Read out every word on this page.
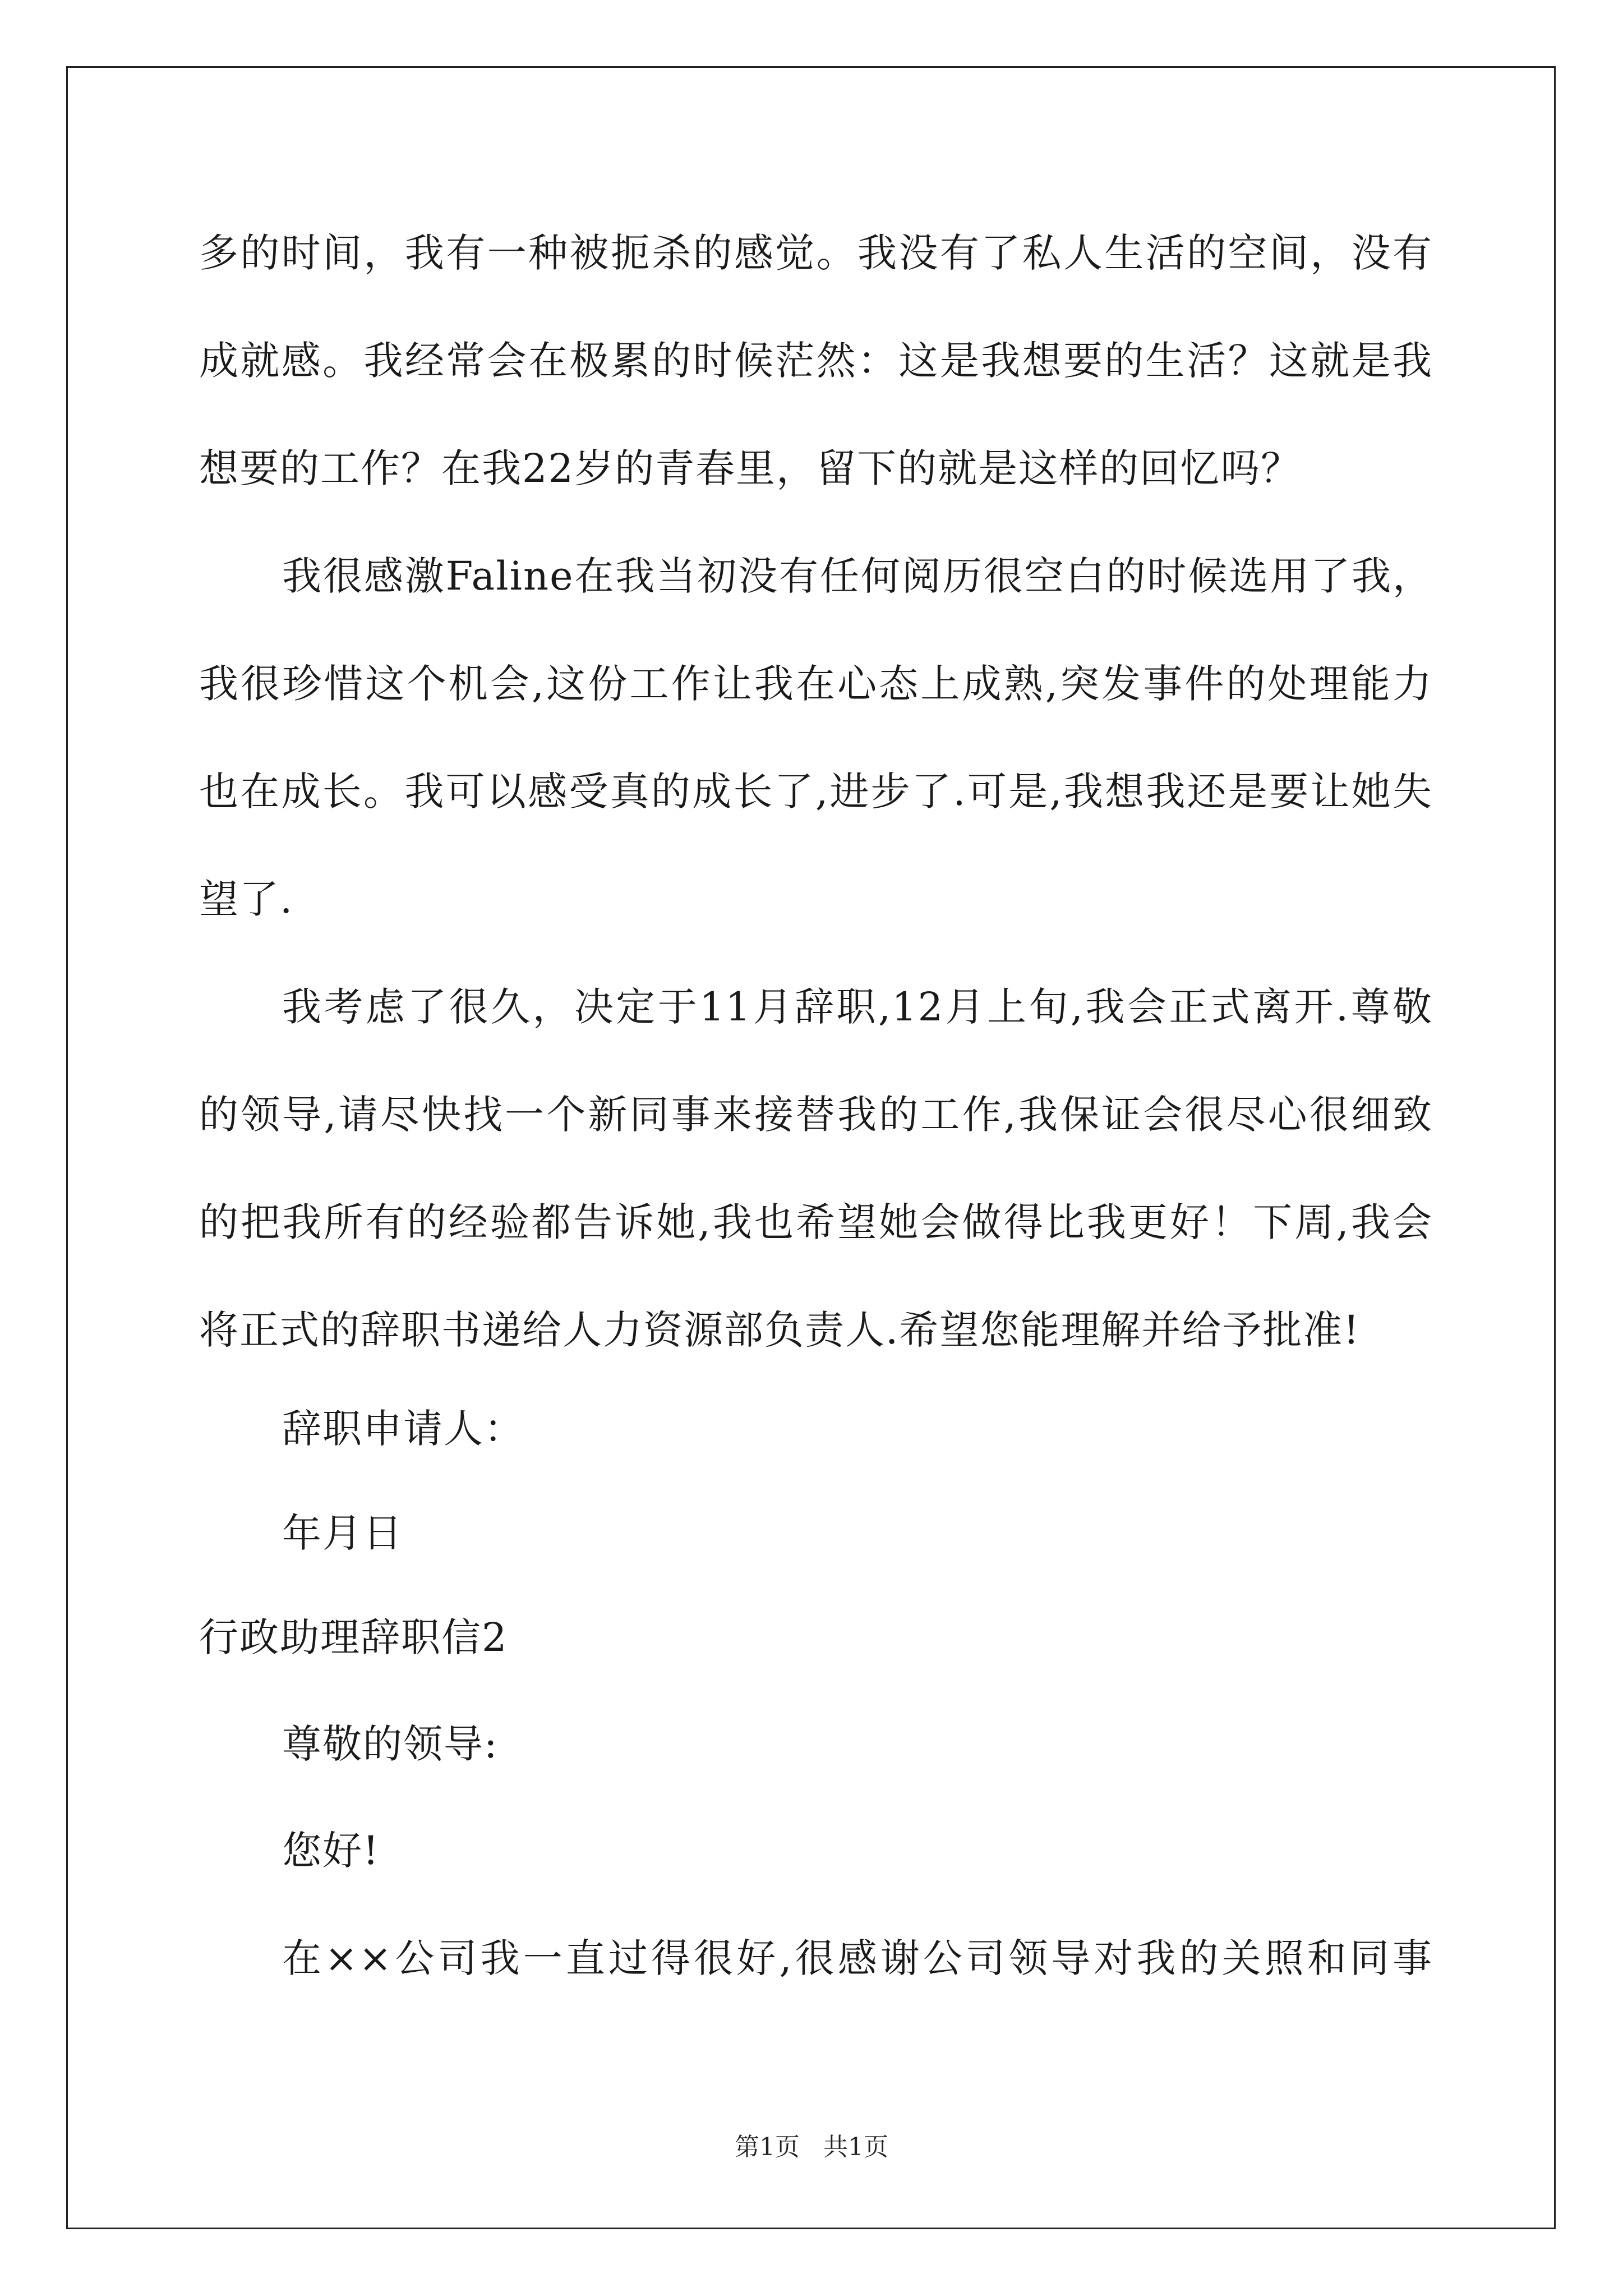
多的时间，我有一种被扼杀的感觉。我没有了私人生活的空间，没有
成就感。我经常会在极累的时候茫然：这是我想要的生活？这就是我
想要的工作？在我22岁的青春里，留下的就是这样的回忆吗？
我很感激Faline在我当初没有任何阅历很空白的时候选用了我，
我很珍惜这个机会,这份工作让我在心态上成熟,突发事件的处理能力
也在成长。我可以感受真的成长了,进步了.可是,我想我还是要让她失
望了.
我考虑了很久，决定于11月辞职,12月上旬,我会正式离开.尊敬
的领导,请尽快找一个新同事来接替我的工作,我保证会很尽心很细致
的把我所有的经验都告诉她,我也希望她会做得比我更好！下周,我会
将正式的辞职书递给人力资源部负责人.希望您能理解并给予批准!
辞职申请人：
年月日
行政助理辞职信2
尊敬的领导:
您好!
在××公司我一直过得很好,很感谢公司领导对我的关照和同事
第1页 共1页
